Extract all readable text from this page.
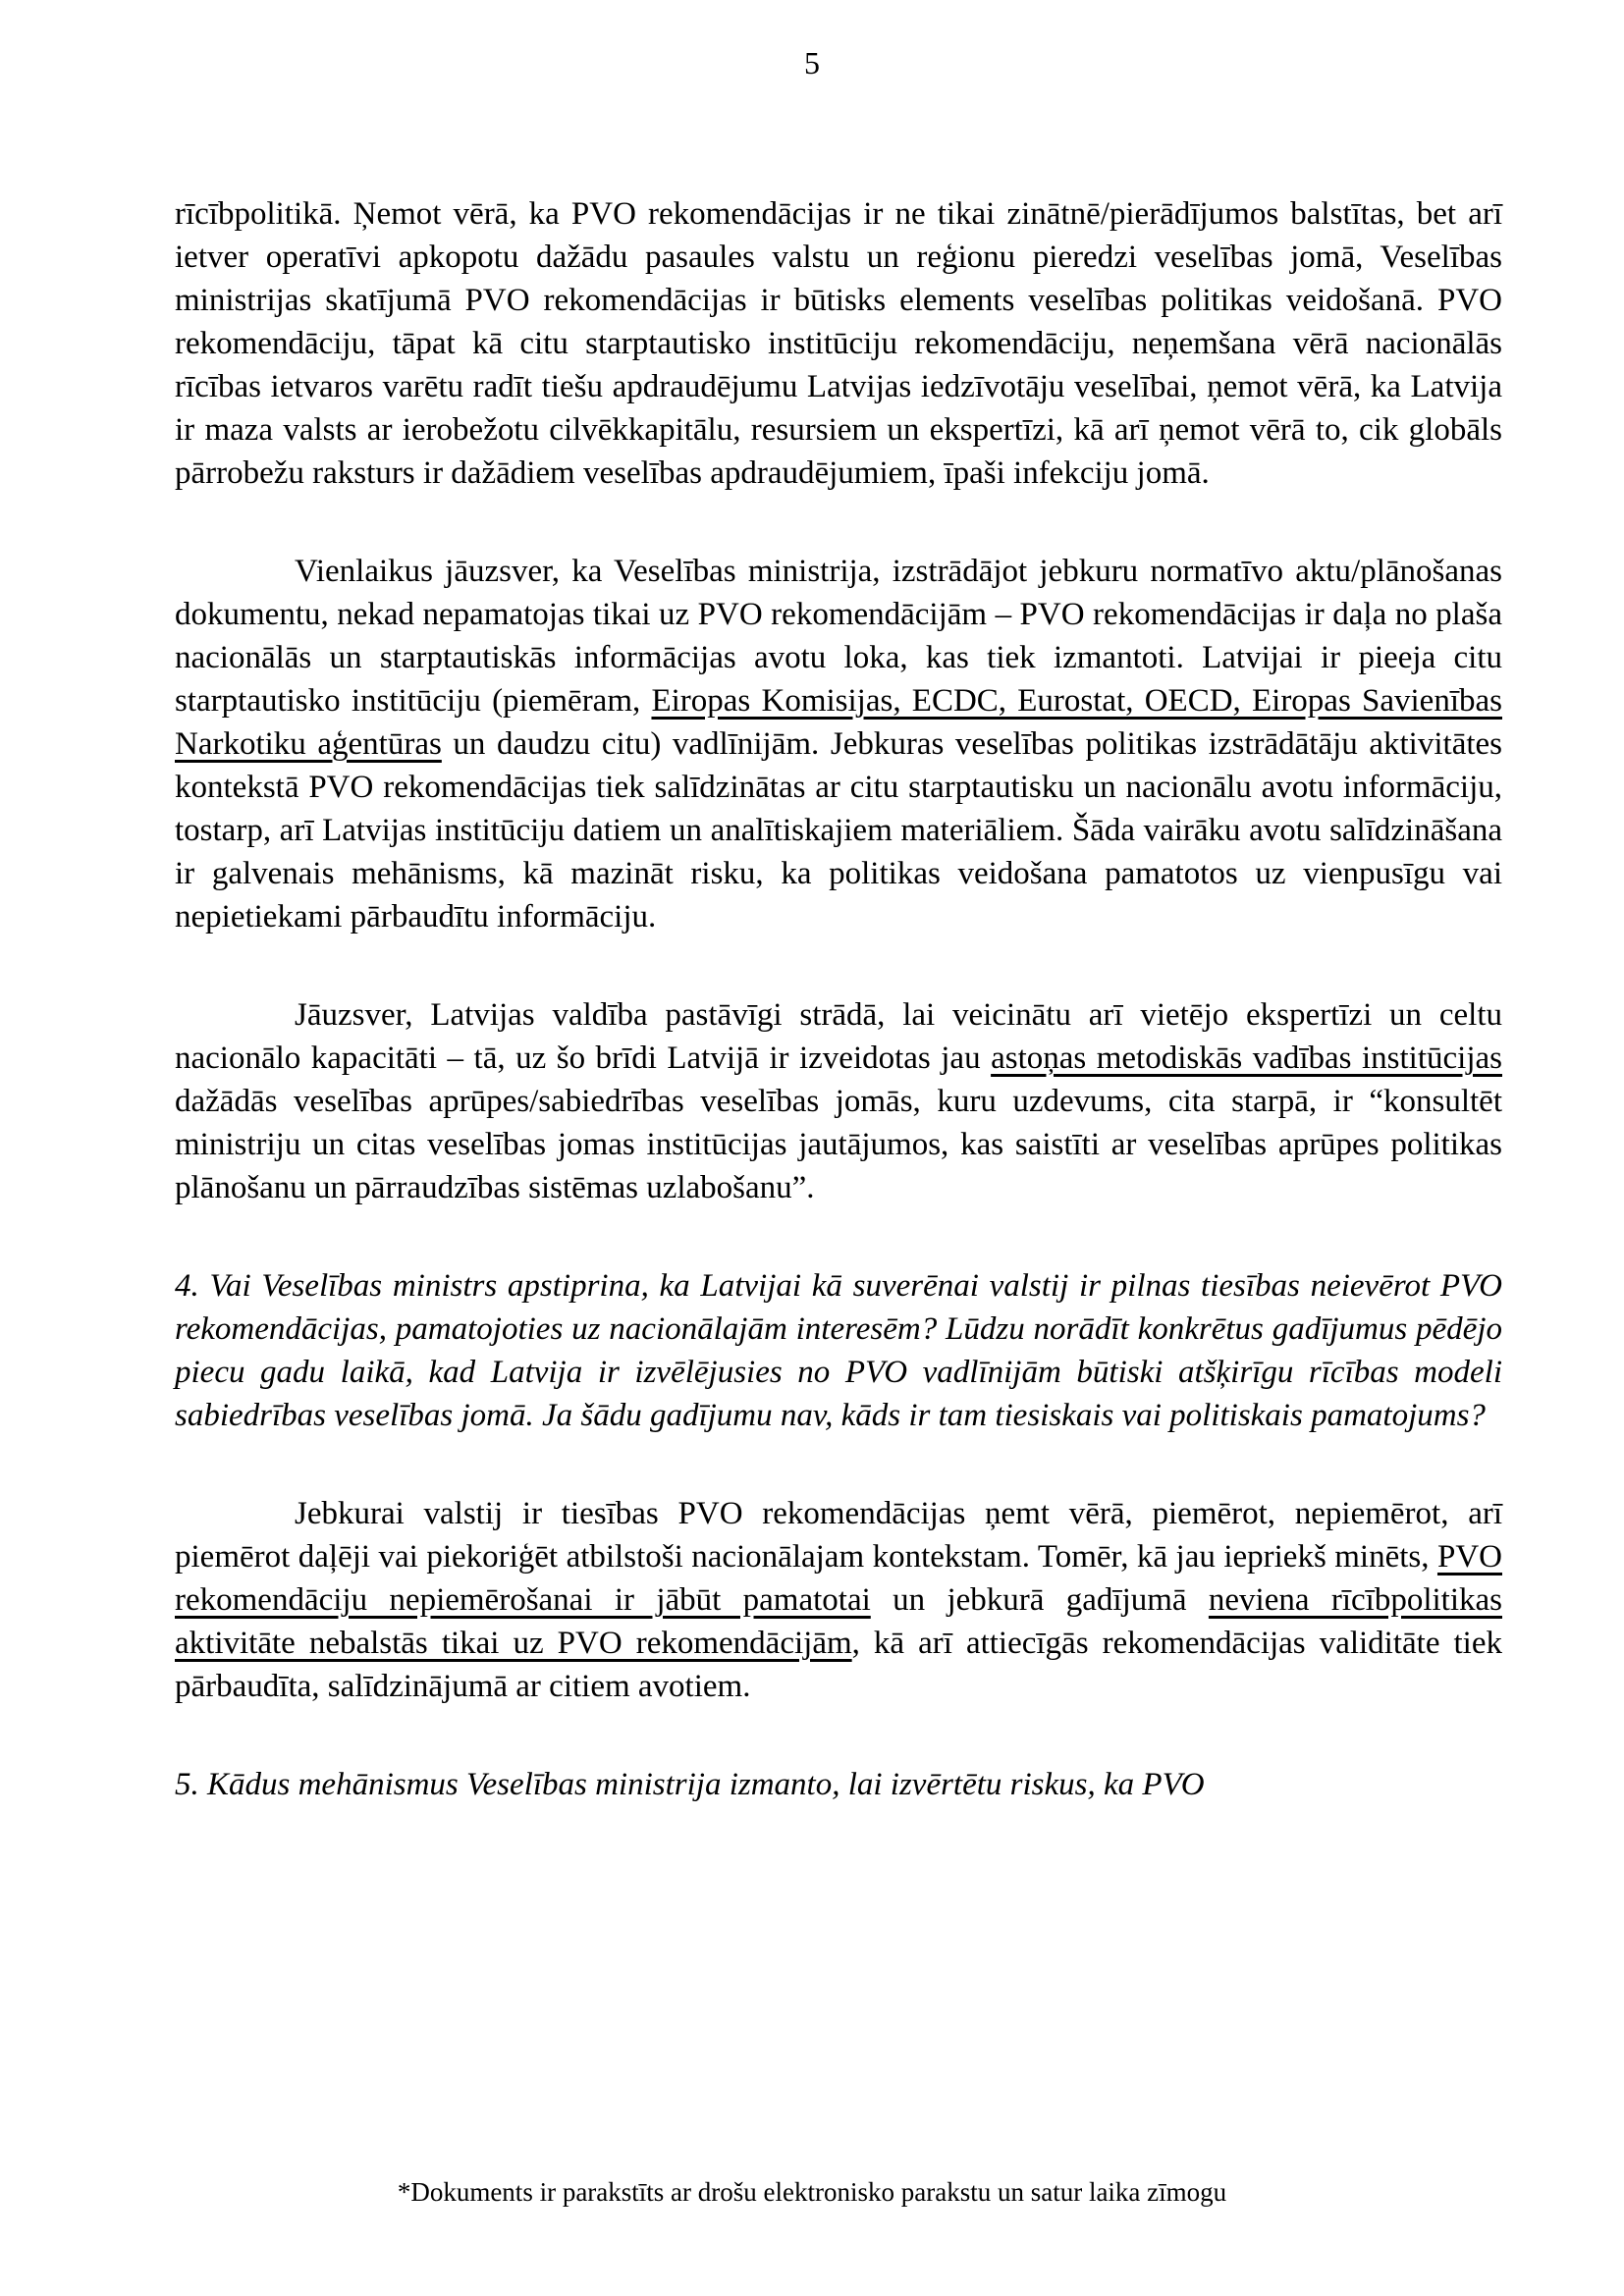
5

rīcībpolitikā. Ņemot vērā, ka PVO rekomendācijas ir ne tikai zinātnē/pierādījumos balstītas, bet arī ietver operatīvi apkopotu dažādu pasaules valstu un reģionu pieredzi veselības jomā, Veselības ministrijas skatījumā PVO rekomendācijas ir būtisks elements veselības politikas veidošanā. PVO rekomendāciju, tāpat kā citu starptautisko institūciju rekomendāciju, neņemšana vērā nacionālās rīcības ietvaros varētu radīt tiešu apdraudējumu Latvijas iedzīvotāju veselībai, ņemot vērā, ka Latvija ir maza valsts ar ierobežotu cilvēkkapitālu, resursiem un ekspertīzi, kā arī ņemot vērā to, cik globāls pārrobežu raksturs ir dažādiem veselības apdraudējumiem, īpaši infekciju jomā.

Vienlaikus jāuzsver, ka Veselības ministrija, izstrādājot jebkuru normatīvo aktu/plānošanas dokumentu, nekad nepamatojas tikai uz PVO rekomendācijām – PVO rekomendācijas ir daļa no plaša nacionālās un starptautiskās informācijas avotu loka, kas tiek izmantoti. Latvijai ir pieeja citu starptautisko institūciju (piemēram, Eiropas Komisijas, ECDC, Eurostat, OECD, Eiropas Savienības Narkotiku aģentūras un daudzu citu) vadlīnijām. Jebkuras veselības politikas izstrādātāju aktivitātes kontekstā PVO rekomendācijas tiek salīdzinātas ar citu starptautisku un nacionālu avotu informāciju, tostarp, arī Latvijas institūciju datiem un analītiskajiem materiāliem. Šāda vairāku avotu salīdzināšana ir galvenais mehānisms, kā mazināt risku, ka politikas veidošana pamatotos uz vienpusīgu vai nepietiekami pārbaudītu informāciju.

Jāuzsver, Latvijas valdība pastāvīgi strādā, lai veicinātu arī vietējo ekspertīzi un celtu nacionālo kapacitāti – tā, uz šo brīdi Latvijā ir izveidotas jau astoņas metodiskās vadības institūcijas dažādās veselības aprūpes/sabiedrības veselības jomās, kuru uzdevums, cita starpā, ir “konsultēt ministriju un citas veselības jomas institūcijas jautājumos, kas saistīti ar veselības aprūpes politikas plānošanu un pārraudzības sistēmas uzlabošanu”.

4. Vai Veselības ministrs apstiprina, ka Latvijai kā suverēnai valstij ir pilnas tiesības neievērot PVO rekomendācijas, pamatojoties uz nacionālajām interesēm? Lūdzu norādīt konkrētus gadījumus pēdējo piecu gadu laikā, kad Latvija ir izvēlējusies no PVO vadlīnijām būtiski atšķirīgu rīcības modeli sabiedrības veselības jomā. Ja šādu gadījumu nav, kāds ir tam tiesiskais vai politiskais pamatojums?

Jebkurai valstij ir tiesības PVO rekomendācijas ņemt vērā, piemērot, nepiemērot, arī piemērot daļēji vai piekoriģēt atbilstoši nacionālajam kontekstam. Tomēr, kā jau iepriekš minēts, PVO rekomendāciju nepiemērošanai ir jābūt pamatotai un jebkurā gadījumā neviena rīcībpolitikas aktivitāte nebalstās tikai uz PVO rekomendācijām, kā arī attiecīgās rekomendācijas validitāte tiek pārbaudīta, salīdzinājumā ar citiem avotiem.

5. Kādus mehānismus Veselības ministrija izmanto, lai izvērtētu riskus, ka PVO

*Dokuments ir parakstīts ar drošu elektronisko parakstu un satur laika zīmogu
